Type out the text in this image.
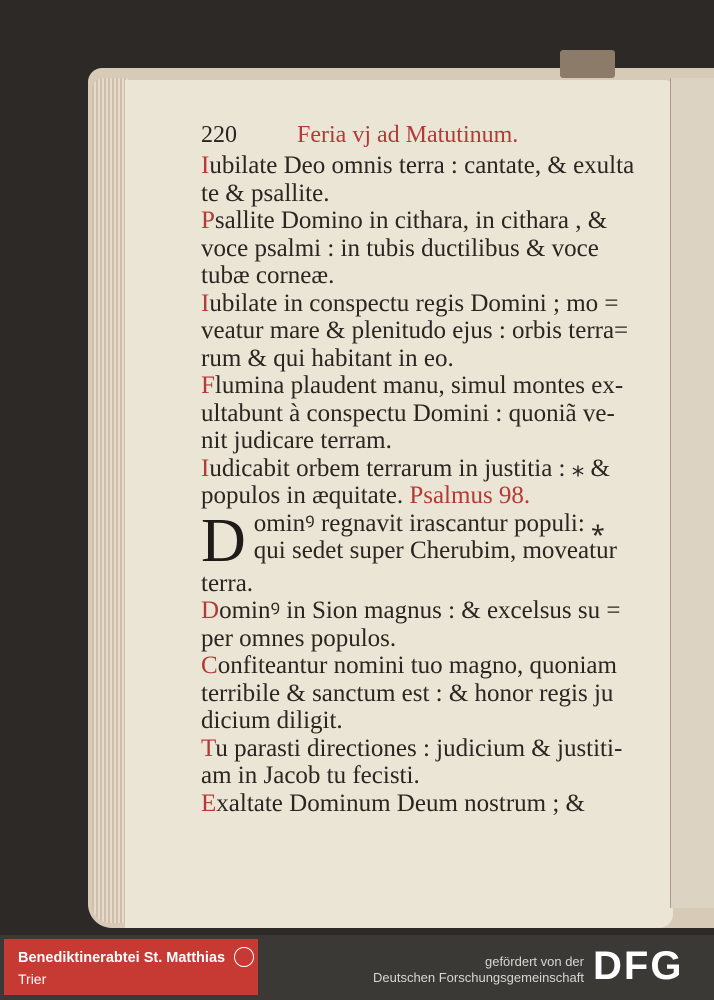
220	Feria vj ad Matutinum.

Iubilate Deo omnis terra : cantate, & exulta

te & psallite.

Psallite Domino in cithara, in cithara , &

voce psalmi : in tubis ductilibus & voce

tubæ corneæ.

Iubilate in conspectu regis Domini ; mo =

veatur mare & plenitudo ejus : orbis terra=

rum & qui habitant in eo.

Flumina plaudent manu, simul montes ex-

ultabunt à conspectu Domini : quoniã ve-

nit judicare terram.

Iudicabit orbem terrarum in justitia : ⁎ &

populos in æquitate. Psalmus 98.

D ominꝰ regnavit irascantur populi: ⁎

qui sedet super Cherubim, moveatur

terra.

Dominꝰ in Sion magnus : & excelsus su =

per omnes populos.

Confiteantur nomini tuo magno, quoniam

terribile & sanctum est : & honor regis ju

dicium diligit.

Tu parasti directiones : judicium & justiti-

am in Jacob tu fecisti.

Exaltate Dominum Deum nostrum ; &

Benediktinerabtei St. Matthias
Trier
gefördert von der
Deutschen Forschungsgemeinschaft DFG
